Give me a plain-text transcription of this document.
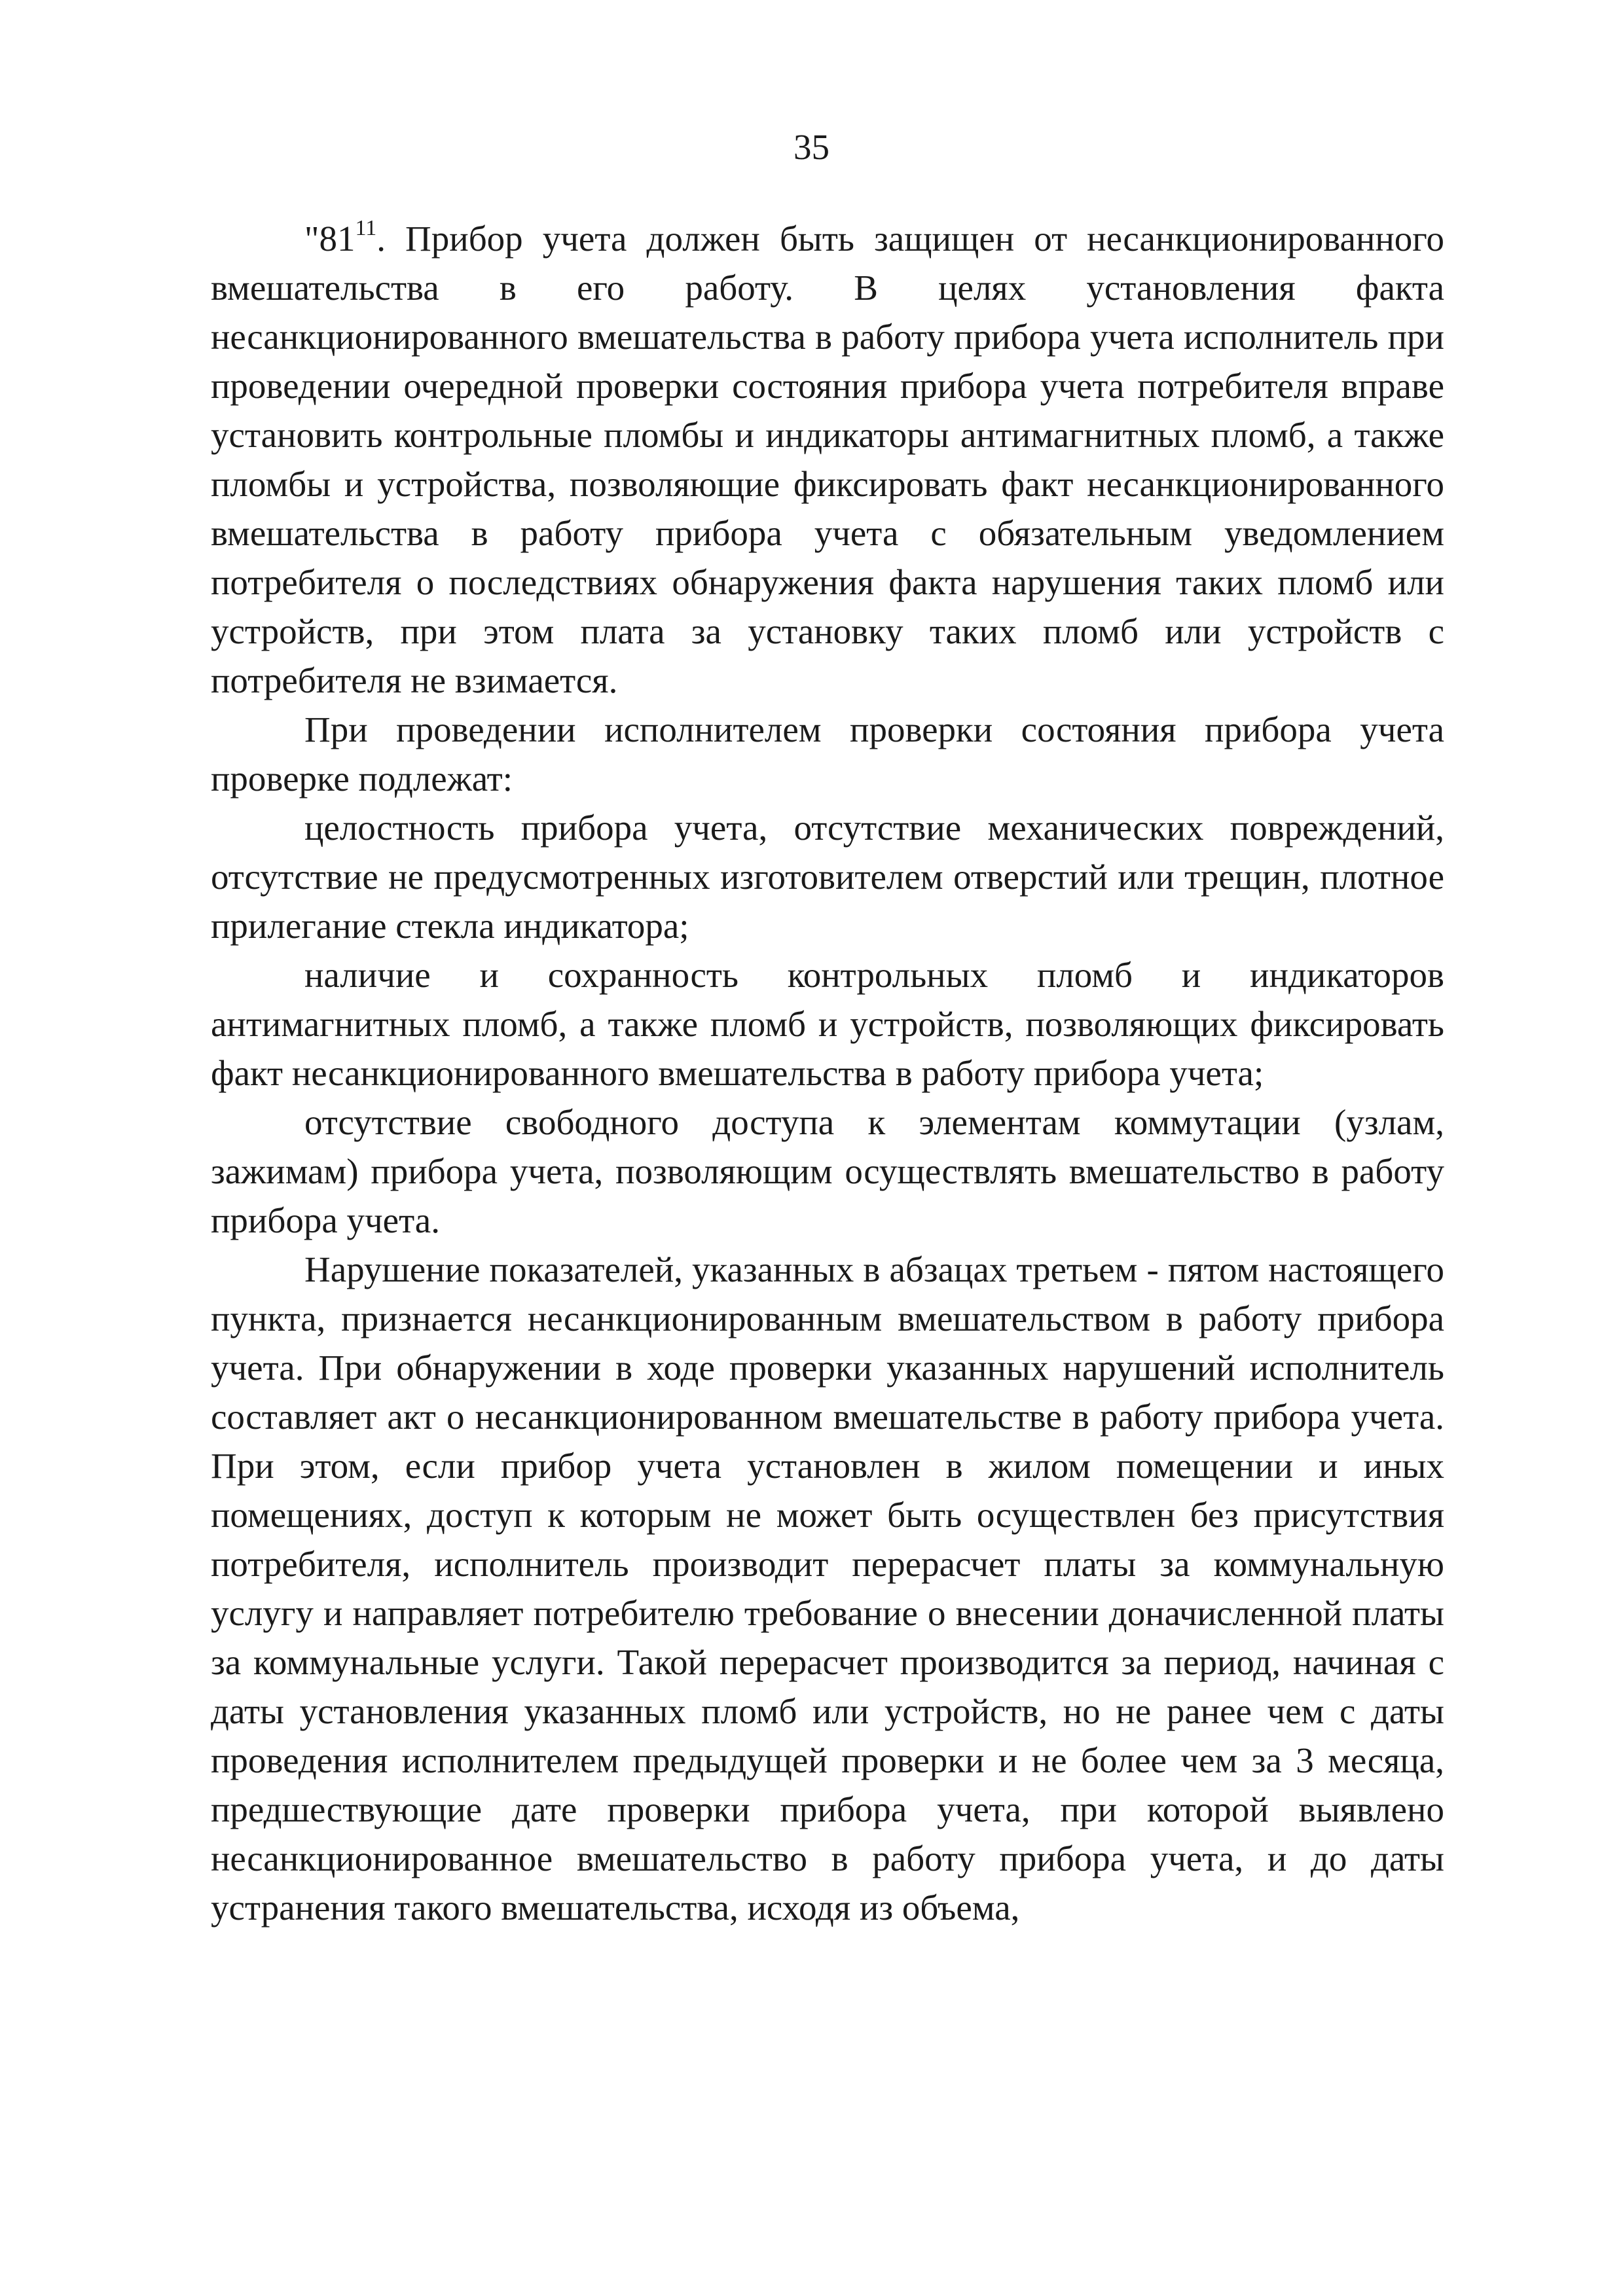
35

"$81^{11}$. Прибор учета должен быть защищен от несанкционированного вмешательства в его работу. В целях установления факта несанкционированного вмешательства в работу прибора учета исполнитель при проведении очередной проверки состояния прибора учета потребителя вправе установить контрольные пломбы и индикаторы антимагнитных пломб, а также пломбы и устройства, позволяющие фиксировать факт несанкционированного вмешательства в работу прибора учета с обязательным уведомлением потребителя о последствиях обнаружения факта нарушения таких пломб или устройств, при этом плата за установку таких пломб или устройств с потребителя не взимается.

При проведении исполнителем проверки состояния прибора учета проверке подлежат:

целостность прибора учета, отсутствие механических повреждений, отсутствие не предусмотренных изготовителем отверстий или трещин, плотное прилегание стекла индикатора;

наличие и сохранность контрольных пломб и индикаторов антимагнитных пломб, а также пломб и устройств, позволяющих фиксировать факт несанкционированного вмешательства в работу прибора учета;

отсутствие свободного доступа к элементам коммутации (узлам, зажимам) прибора учета, позволяющим осуществлять вмешательство в работу прибора учета.

Нарушение показателей, указанных в абзацах третьем - пятом настоящего пункта, признается несанкционированным вмешательством в работу прибора учета. При обнаружении в ходе проверки указанных нарушений исполнитель составляет акт о несанкционированном вмешательстве в работу прибора учета. При этом, если прибор учета установлен в жилом помещении и иных помещениях, доступ к которым не может быть осуществлен без присутствия потребителя, исполнитель производит перерасчет платы за коммунальную услугу и направляет потребителю требование о внесении доначисленной платы за коммунальные услуги. Такой перерасчет производится за период, начиная с даты установления указанных пломб или устройств, но не ранее чем с даты проведения исполнителем предыдущей проверки и не более чем за 3 месяца, предшествующие дате проверки прибора учета, при которой выявлено несанкционированное вмешательство в работу прибора учета, и до даты устранения такого вмешательства, исходя из объема,
